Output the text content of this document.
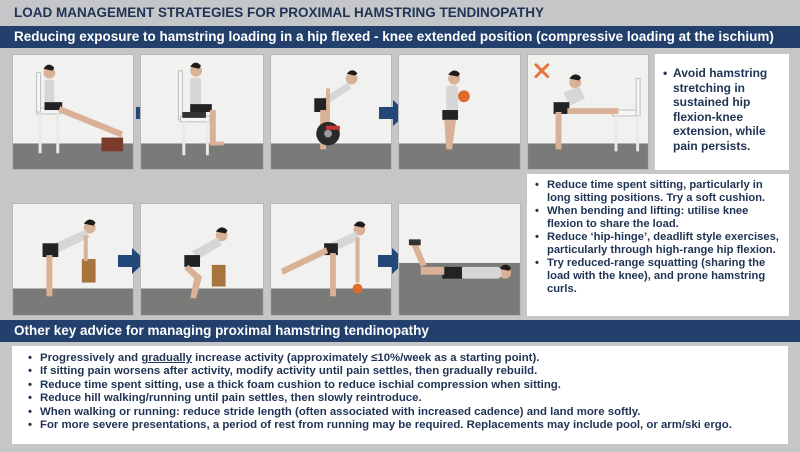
LOAD MANAGEMENT STRATEGIES FOR PROXIMAL HAMSTRING TENDINOPATHY
Reducing exposure to hamstring loading in a hip flexed - knee extended position (compressive loading at the ischium)
• Avoid hamstring stretching in sustained hip flexion-knee extension, while pain persists.
• Reduce time spent sitting, particularly in long sitting positions. Try a soft cushion.
• When bending and lifting: utilise knee flexion to share the load.
• Reduce ‘hip-hinge’, deadlift style exercises, particularly through high-range hip flexion.
• Try reduced-range squatting (sharing the load with the knee), and prone hamstring curls.
Other key advice for managing proximal hamstring tendinopathy
• Progressively and gradually increase activity (approximately ≤10%/week as a starting point).
• If sitting pain worsens after activity, modify activity until pain settles, then gradually rebuild.
• Reduce time spent sitting, use a thick foam cushion to reduce ischial compression when sitting.
• Reduce hill walking/running until pain settles, then slowly reintroduce.
• When walking or running: reduce stride length (often associated with increased cadence) and land more softly.
• For more severe presentations, a period of rest from running may be required. Replacements may include pool, or arm/ski ergo.
